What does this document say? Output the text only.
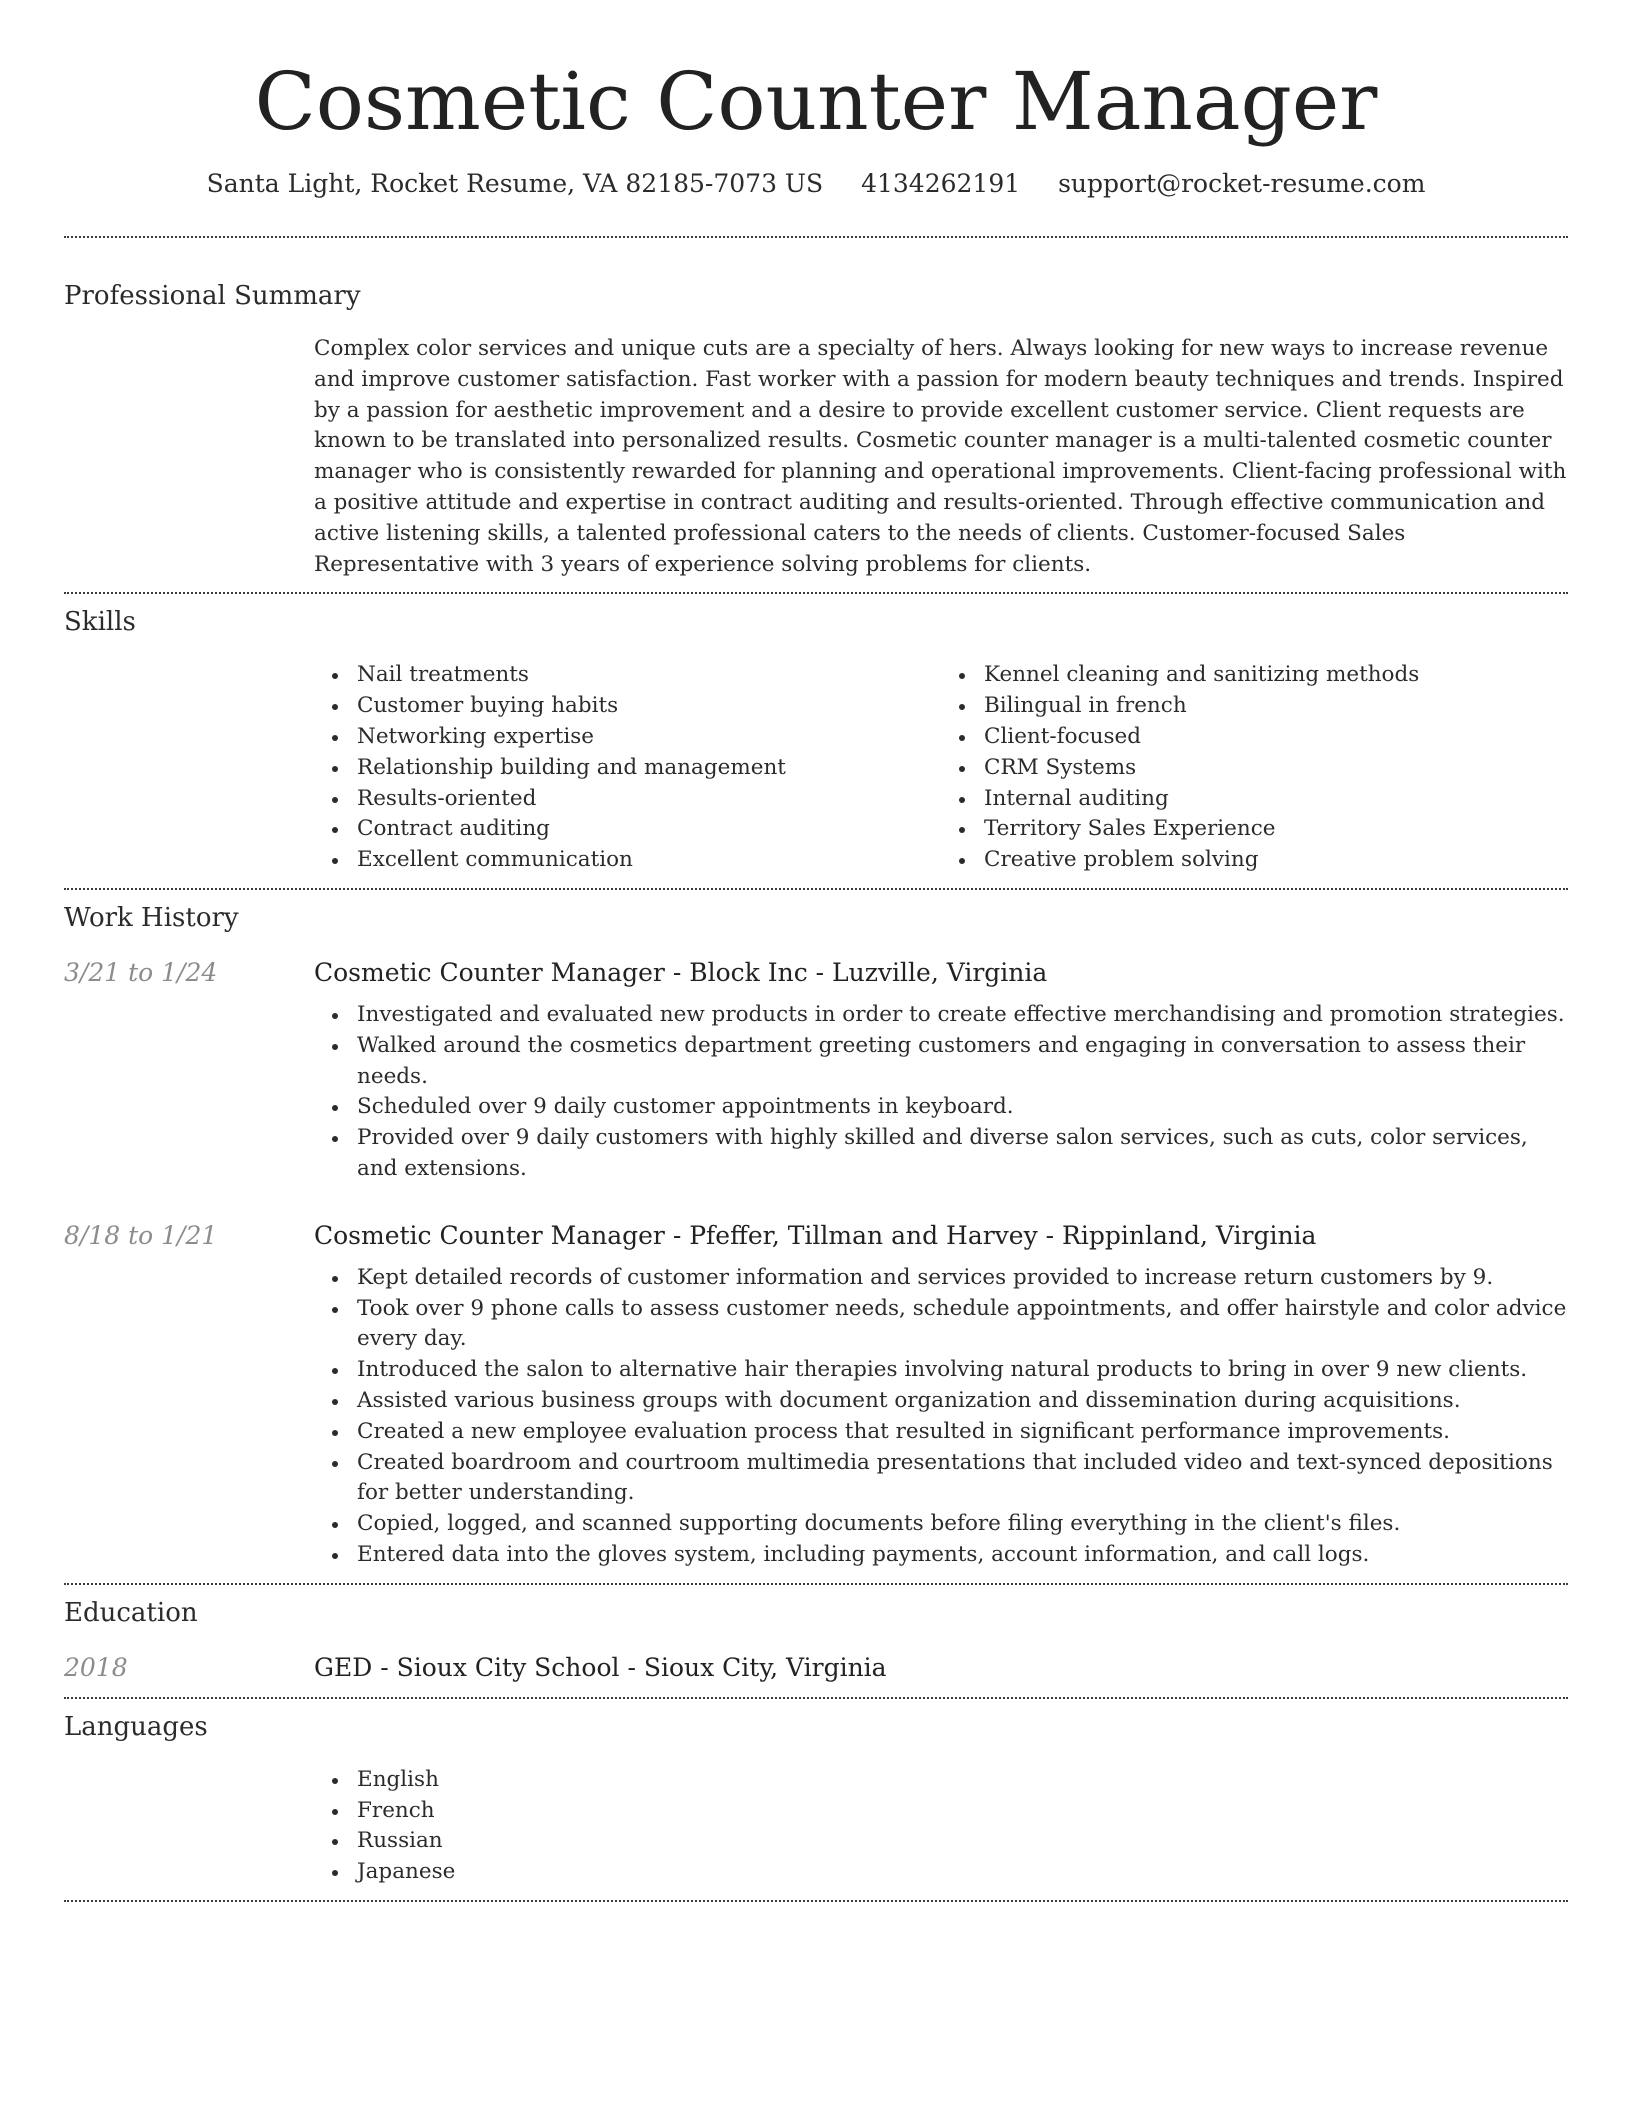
Cosmetic Counter Manager
Santa Light, Rocket Resume, VA 82185-7073 US 4134262191 support@rocket-resume.com
Professional Summary

Complex color services and unique cuts are a specialty of hers. Always looking for new ways to increase revenue and improve customer satisfaction. Fast worker with a passion for modern beauty techniques and trends. Inspired by a passion for aesthetic improvement and a desire to provide excellent customer service. Client requests are known to be translated into personalized results. Cosmetic counter manager is a multi-talented cosmetic counter manager who is consistently rewarded for planning and operational improvements. Client-facing professional with a positive attitude and expertise in contract auditing and results-oriented. Through effective communication and active listening skills, a talented professional caters to the needs of clients. Customer-focused Sales Representative with 3 years of experience solving problems for clients.

Skills
Nail treatments
Customer buying habits
Networking expertise
Relationship building and management
Results-oriented
Contract auditing
Excellent communication
Kennel cleaning and sanitizing methods
Bilingual in french
Client-focused
CRM Systems
Internal auditing
Territory Sales Experience
Creative problem solving
Work History
3/21 to 1/24	Cosmetic Counter Manager - Block Inc - Luzville, Virginia
Investigated and evaluated new products in order to create effective merchandising and promotion strategies.
Walked around the cosmetics department greeting customers and engaging in conversation to assess their needs.
Scheduled over 9 daily customer appointments in keyboard.
Provided over 9 daily customers with highly skilled and diverse salon services, such as cuts, color services, and extensions.
8/18 to 1/21	Cosmetic Counter Manager - Pfeffer, Tillman and Harvey - Rippinland, Virginia
Kept detailed records of customer information and services provided to increase return customers by 9.
Took over 9 phone calls to assess customer needs, schedule appointments, and offer hairstyle and color advice every day.
Introduced the salon to alternative hair therapies involving natural products to bring in over 9 new clients.
Assisted various business groups with document organization and dissemination during acquisitions.
Created a new employee evaluation process that resulted in significant performance improvements.
Created boardroom and courtroom multimedia presentations that included video and text-synced depositions for better understanding.
Copied, logged, and scanned supporting documents before filing everything in the client's files.
Entered data into the gloves system, including payments, account information, and call logs.
Education
2018	GED - Sioux City School - Sioux City, Virginia
Languages
English
French
Russian
Japanese
